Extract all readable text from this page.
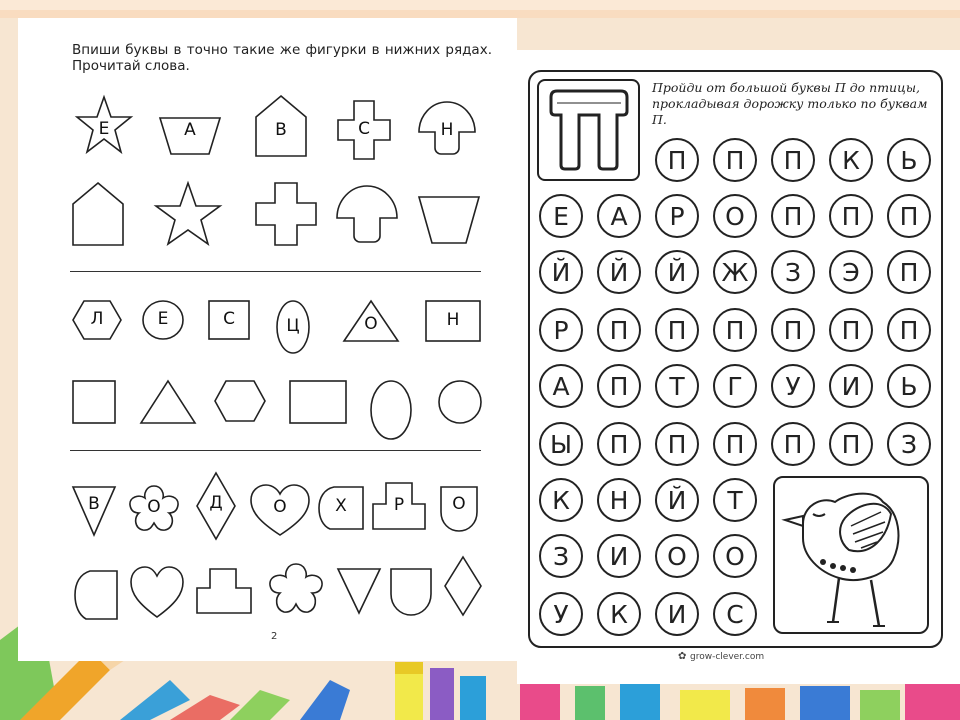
Впиши буквы в точно такие же фигурки в нижних рядах. Прочитай слова.
Е	А	В	С	Н
Л	Е	С	Ц	О	Н
В	О	Д	О	Х	Р	О
2
Пройди от большой буквы П до птицы, прокладывая дорожку только по буквам П.
П	П	П	К	Ь
Е	А	Р	О	П	П	П
Й	Й	Й	Ж	З	Э	П
Р	П	П	П	П	П	П
А	П	Т	Г	У	И	Ь
Ы	П	П	П	П	П	З
К	Н	Й	Т
З	И	О	О
У	К	И	С
✿ grow-clever.com
